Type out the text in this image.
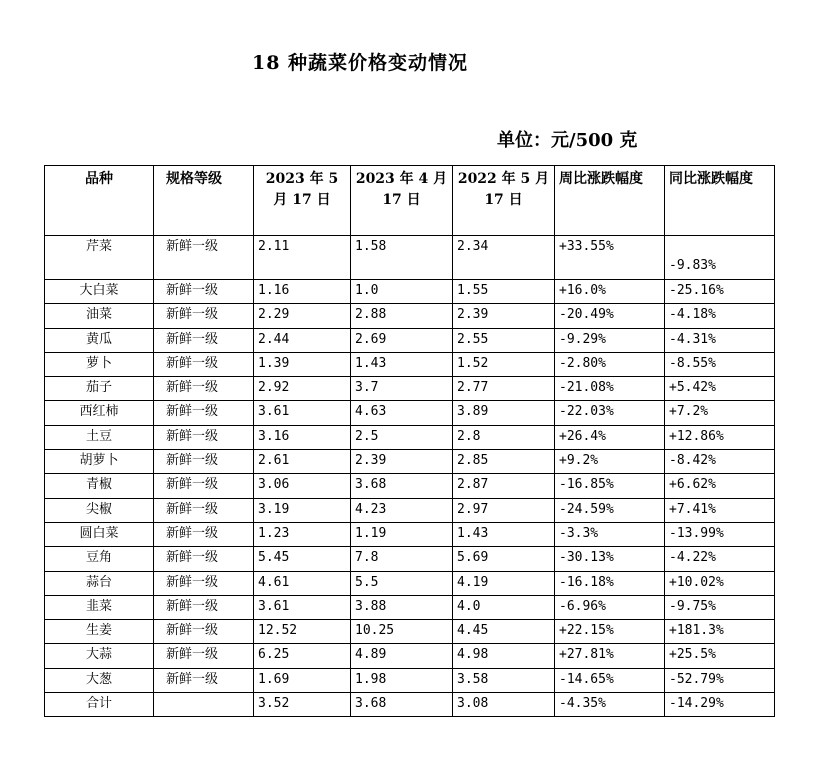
18 种蔬菜价格变动情况
单位：元/500 克
品种	规格等级	2023 年 5 月 17 日	2023 年 4 月 17 日	2022 年 5 月 17 日	周比涨跌幅度	同比涨跌幅度
芹菜	新鲜一级	2.11	1.58	2.34	+33.55%	-9.83%
大白菜	新鲜一级	1.16	1.0	1.55	+16.0%	-25.16%
油菜	新鲜一级	2.29	2.88	2.39	-20.49%	-4.18%
黄瓜	新鲜一级	2.44	2.69	2.55	-9.29%	-4.31%
萝卜	新鲜一级	1.39	1.43	1.52	-2.80%	-8.55%
茄子	新鲜一级	2.92	3.7	2.77	-21.08%	+5.42%
西红柿	新鲜一级	3.61	4.63	3.89	-22.03%	+7.2%
土豆	新鲜一级	3.16	2.5	2.8	+26.4%	+12.86%
胡萝卜	新鲜一级	2.61	2.39	2.85	+9.2%	-8.42%
青椒	新鲜一级	3.06	3.68	2.87	-16.85%	+6.62%
尖椒	新鲜一级	3.19	4.23	2.97	-24.59%	+7.41%
圆白菜	新鲜一级	1.23	1.19	1.43	-3.3%	-13.99%
豆角	新鲜一级	5.45	7.8	5.69	-30.13%	-4.22%
蒜台	新鲜一级	4.61	5.5	4.19	-16.18%	+10.02%
韭菜	新鲜一级	3.61	3.88	4.0	-6.96%	-9.75%
生姜	新鲜一级	12.52	10.25	4.45	+22.15%	+181.3%
大蒜	新鲜一级	6.25	4.89	4.98	+27.81%	+25.5%
大葱	新鲜一级	1.69	1.98	3.58	-14.65%	-52.79%
合计		3.52	3.68	3.08	-4.35%	-14.29%
